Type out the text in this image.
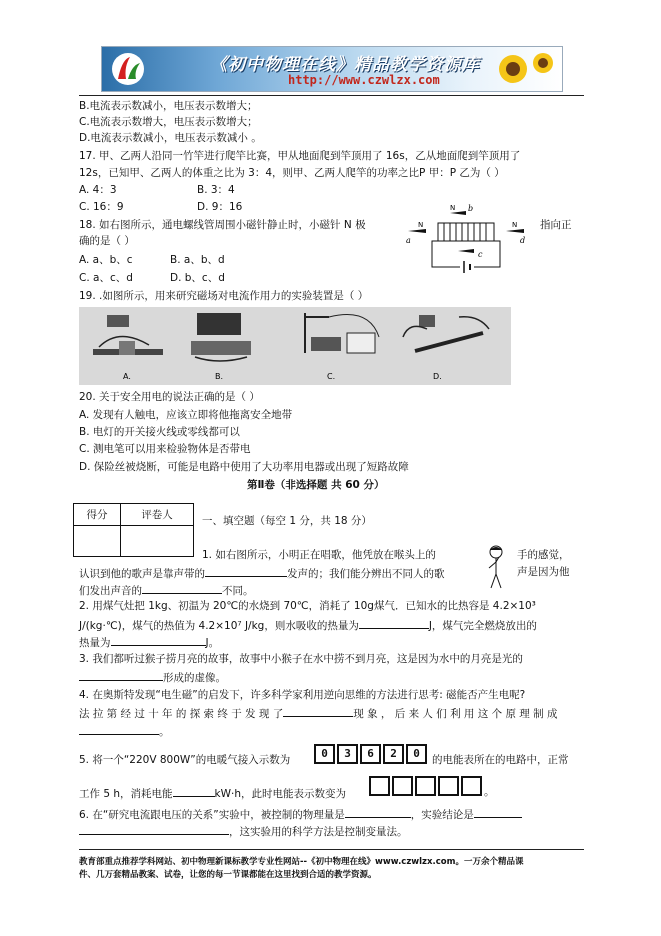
《初中物理在线》精品教学资源库
http://www.czwlzx.com
B.电流表示数减小，电压表示数增大；
C.电流表示数增大，电压表示数增大；
D.电流表示数减小，电压表示数减小 。
17. 甲、乙两人沿同一竹竿进行爬竿比赛，甲从地面爬到竿顶用了 16s，乙从地面爬到竿顶用了
12s，已知甲、乙两人的体重之比为 3：4，则甲、乙两人爬竿的功率之比P 甲：P 乙为（ ）
A. 4：3	B. 3：4
C. 16：9	D. 9：16
18. 如右图所示，通电螺线管周围小磁针静止时，小磁针 N 极	指向正
确的是（ ）
A. a、b、c	B. a、b、d
C. a、c、d	D. b、c、d
a
b
c
d
N
N
N
19. .如图所示，用来研究磁场对电流作用力的实验装置是（ ）
A.	B.	C.	D.
20. 关于安全用电的说法正确的是（ ）
A. 发现有人触电，应该立即将他拖离安全地带
B. 电灯的开关接火线或零线都可以
C. 测电笔可以用来检验物体是否带电
D. 保险丝被烧断，可能是电路中使用了大功率用电器或出现了短路故障
第Ⅱ卷（非选择题 共 60 分）
得分	评卷人
		一、填空题（每空 1 分，共 18 分）
1. 如右图所示，小明正在唱歌，他凭放在喉头上的	手的感觉，
认识到他的歌声是靠声带的	发声的；我们能分辨出不同人的歌	声是因为他
们发出声音的	不同。
2. 用煤气灶把 1kg、初温为 20℃的水烧到 70℃，消耗了 10g煤气．已知水的比热容是 4.2×10³
J/(kg·℃)，煤气的热值为 4.2×10⁷ J/kg，则水吸收的热量为	J，煤气完全燃烧放出的
热量为	J。
3. 我们都听过猴子捞月亮的故事，故事中小猴子在水中捞不到月亮，这是因为水中的月亮是光的
形成的虚像。
4. 在奥斯特发现“电生磁”的启发下，许多科学家利用逆向思维的方法进行思考: 磁能否产生电呢?
法 拉 第 经 过 十 年 的 探 索 终 于 发 现 了	现 象 ， 后 来 人 们 利 用 这 个 原 理 制 成
。
5. 将一个“220V 800W”的电暖气接入示数为	0	3	6	2	0	的电能表所在的电路中，正常
工作 5 h，消耗电能	kW·h，此时电能表示数变为	。
6. 在“研究电流跟电压的关系”实验中，被控制的物理量是	，实验结论是
，这实验用的科学方法是控制变量法。
教育部重点推荐学科网站、初中物理新课标教学专业性网站--《初中物理在线》www.czwlzx.com。一万余个精品课
件、几万套精品教案、试卷，让您的每一节课都能在这里找到合适的教学资源。
